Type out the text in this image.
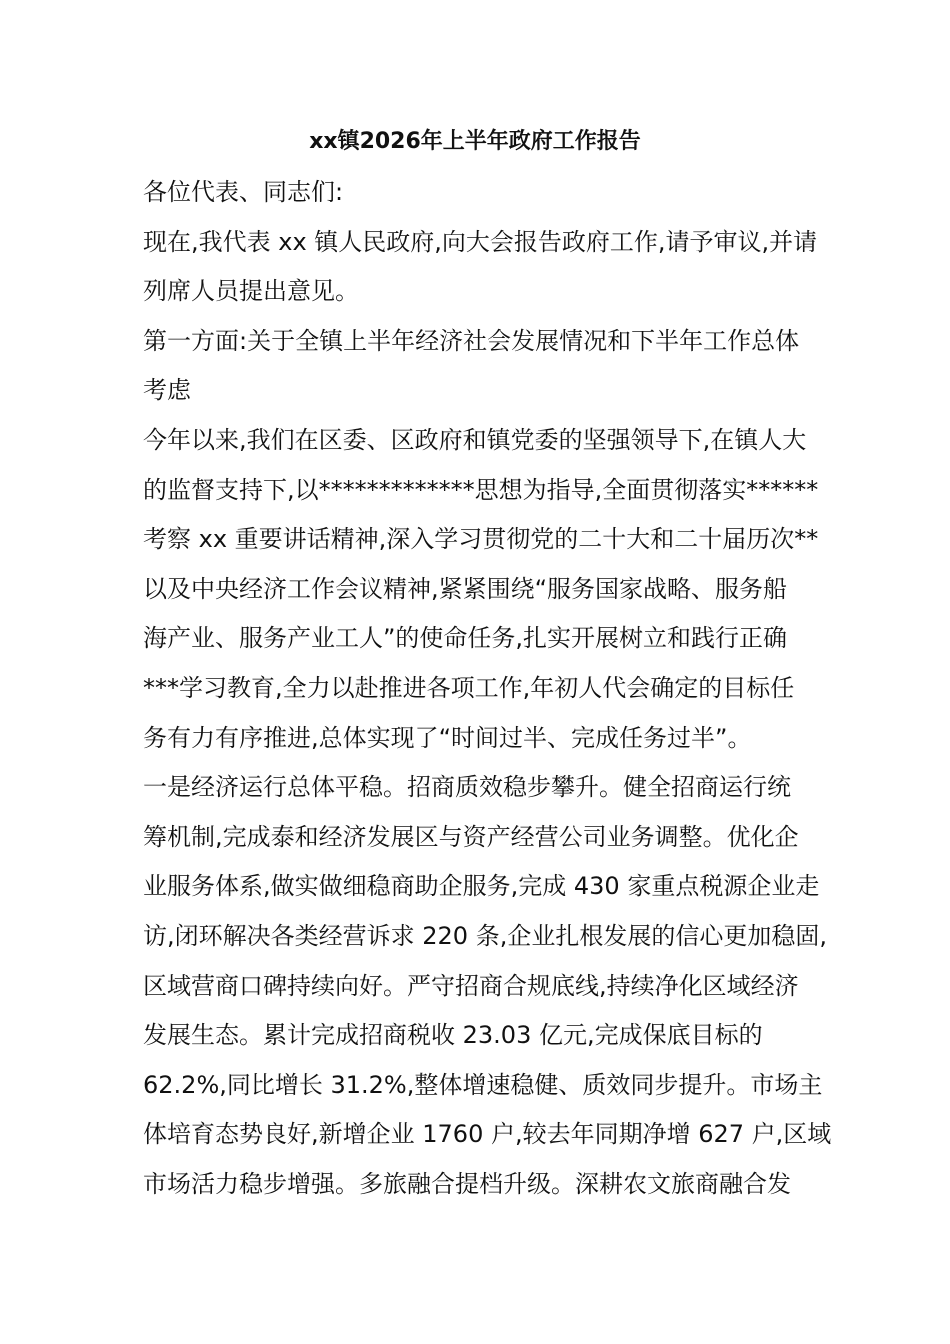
xx镇2026年上半年政府工作报告
各位代表、同志们:
现在,我代表 xx 镇人民政府,向大会报告政府工作,请予审议,并请
列席人员提出意见。
第一方面:关于全镇上半年经济社会发展情况和下半年工作总体
考虑
今年以来,我们在区委、区政府和镇党委的坚强领导下,在镇人大
的监督支持下,以*************思想为指导,全面贯彻落实******
考察 xx 重要讲话精神,深入学习贯彻党的二十大和二十届历次**
以及中央经济工作会议精神,紧紧围绕“服务国家战略、服务船
海产业、服务产业工人”的使命任务,扎实开展树立和践行正确
***学习教育,全力以赴推进各项工作,年初人代会确定的目标任
务有力有序推进,总体实现了“时间过半、完成任务过半”。
一是经济运行总体平稳。招商质效稳步攀升。健全招商运行统
筹机制,完成泰和经济发展区与资产经营公司业务调整。优化企
业服务体系,做实做细稳商助企服务,完成 430 家重点税源企业走
访,闭环解决各类经营诉求 220 条,企业扎根发展的信心更加稳固,
区域营商口碑持续向好。严守招商合规底线,持续净化区域经济
发展生态。累计完成招商税收 23.03 亿元,完成保底目标的
62.2%,同比增长 31.2%,整体增速稳健、质效同步提升。市场主
体培育态势良好,新增企业 1760 户,较去年同期净增 627 户,区域
市场活力稳步增强。多旅融合提档升级。深耕农文旅商融合发
